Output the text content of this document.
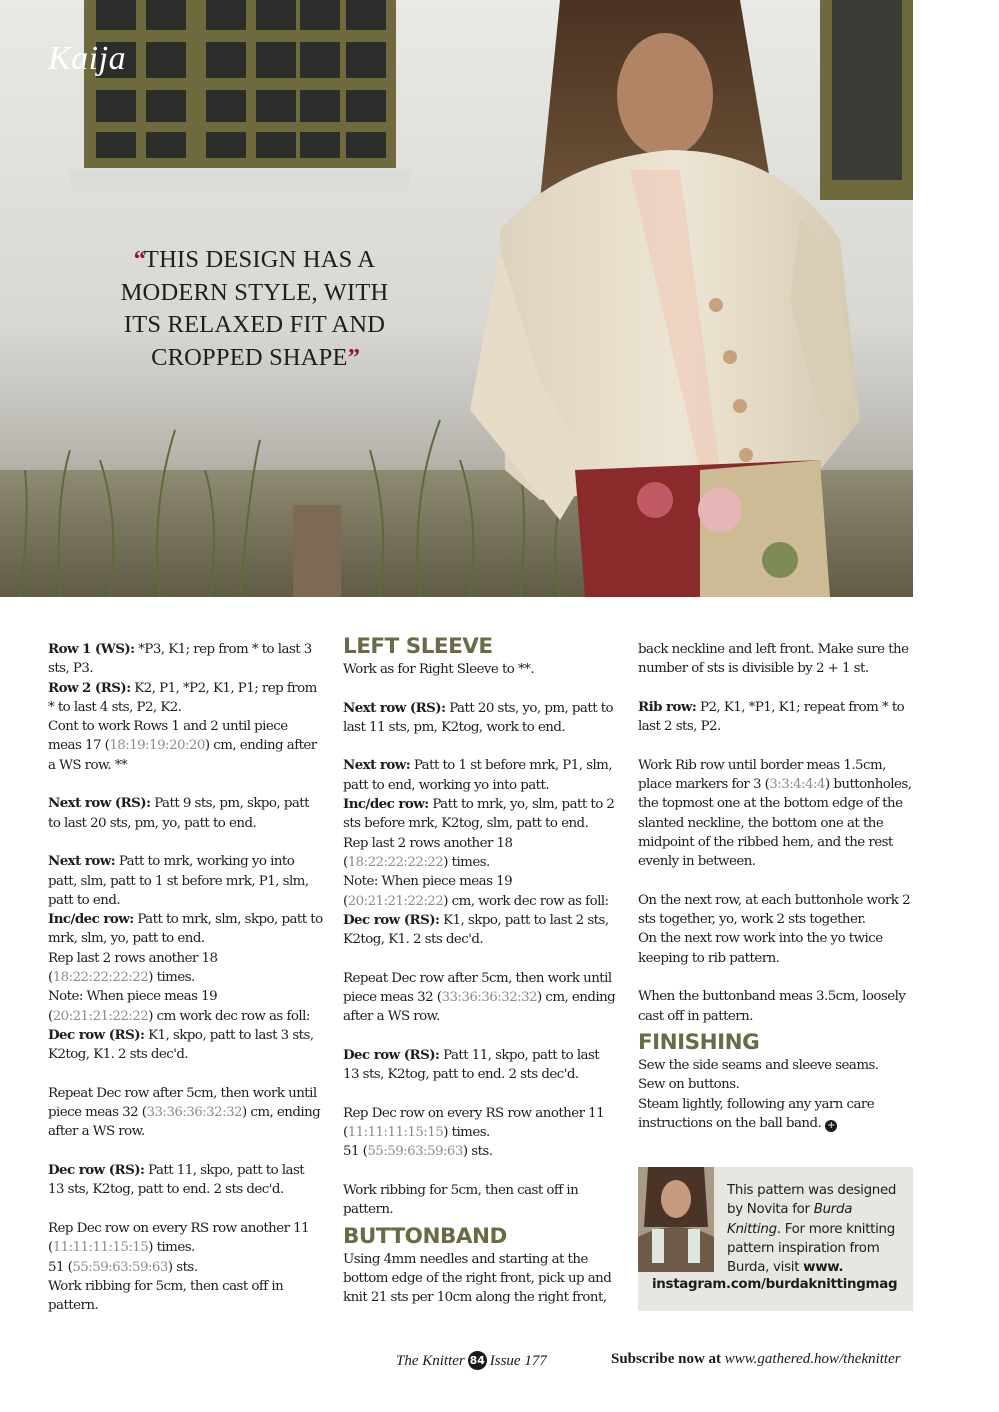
Kaija
“THIS DESIGN HAS A MODERN STYLE, WITH ITS RELAXED FIT AND CROPPED SHAPE”

Row 1 (WS): *P3, K1; rep from * to last 3 sts, P3.

Row 2 (RS): K2, P1, *P2, K1, P1; rep from * to last 4 sts, P2, K2.

Cont to work Rows 1 and 2 until piece meas 17 (18:19:19:20:20) cm, ending after a WS row. **

Next row (RS): Patt 9 sts, pm, skpo, patt to last 20 sts, pm, yo, patt to end.

Next row: Patt to mrk, working yo into patt, slm, patt to 1 st before mrk, P1, slm, patt to end.

Inc/dec row: Patt to mrk, slm, skpo, patt to mrk, slm, yo, patt to end.

Rep last 2 rows another 18 (18:22:22:22:22) times.

Note: When piece meas 19 (20:21:21:22:22) cm work dec row as foll:

Dec row (RS): K1, skpo, patt to last 3 sts, K2tog, K1. 2 sts dec'd.

Repeat Dec row after 5cm, then work until piece meas 32 (33:36:36:32:32) cm, ending after a WS row.

Dec row (RS): Patt 11, skpo, patt to last 13 sts, K2tog, patt to end. 2 sts dec'd.

Rep Dec row on every RS row another 11 (11:11:11:15:15) times.

51 (55:59:63:59:63) sts.

Work ribbing for 5cm, then cast off in pattern.

LEFT SLEEVE

Work as for Right Sleeve to **.

Next row (RS): Patt 20 sts, yo, pm, patt to last 11 sts, pm, K2tog, work to end.

Next row: Patt to 1 st before mrk, P1, slm, patt to end, working yo into patt.

Inc/dec row: Patt to mrk, yo, slm, patt to 2 sts before mrk, K2tog, slm, patt to end.

Rep last 2 rows another 18 (18:22:22:22:22) times.

Note: When piece meas 19 (20:21:21:22:22) cm, work dec row as foll:

Dec row (RS): K1, skpo, patt to last 2 sts, K2tog, K1. 2 sts dec'd.

Repeat Dec row after 5cm, then work until piece meas 32 (33:36:36:32:32) cm, ending after a WS row.

Dec row (RS): Patt 11, skpo, patt to last 13 sts, K2tog, patt to end. 2 sts dec'd.

Rep Dec row on every RS row another 11 (11:11:11:15:15) times.

51 (55:59:63:59:63) sts.

Work ribbing for 5cm, then cast off in pattern.

BUTTONBAND

Using 4mm needles and starting at the bottom edge of the right front, pick up and knit 21 sts per 10cm along the right front,

back neckline and left front. Make sure the number of sts is divisible by 2 + 1 st.

Rib row: P2, K1, *P1, K1; repeat from * to last 2 sts, P2.

Work Rib row until border meas 1.5cm, place markers for 3 (3:3:4:4:4) buttonholes, the topmost one at the bottom edge of the slanted neckline, the bottom one at the midpoint of the ribbed hem, and the rest evenly in between.

On the next row, at each buttonhole work 2 sts together, yo, work 2 sts together.

On the next row work into the yo twice keeping to rib pattern.

When the buttonband meas 3.5cm, loosely cast off in pattern.

FINISHING

Sew the side seams and sleeve seams.

Sew on buttons.

Steam lightly, following any yarn care instructions on the ball band. +

This pattern was designed by Novita for Burda Knitting. For more knitting pattern inspiration from Burda, visit www.
instagram.com/burdaknittingmag
The Knitter 84 Issue 177	Subscribe now at www.gathered.how/theknitter
